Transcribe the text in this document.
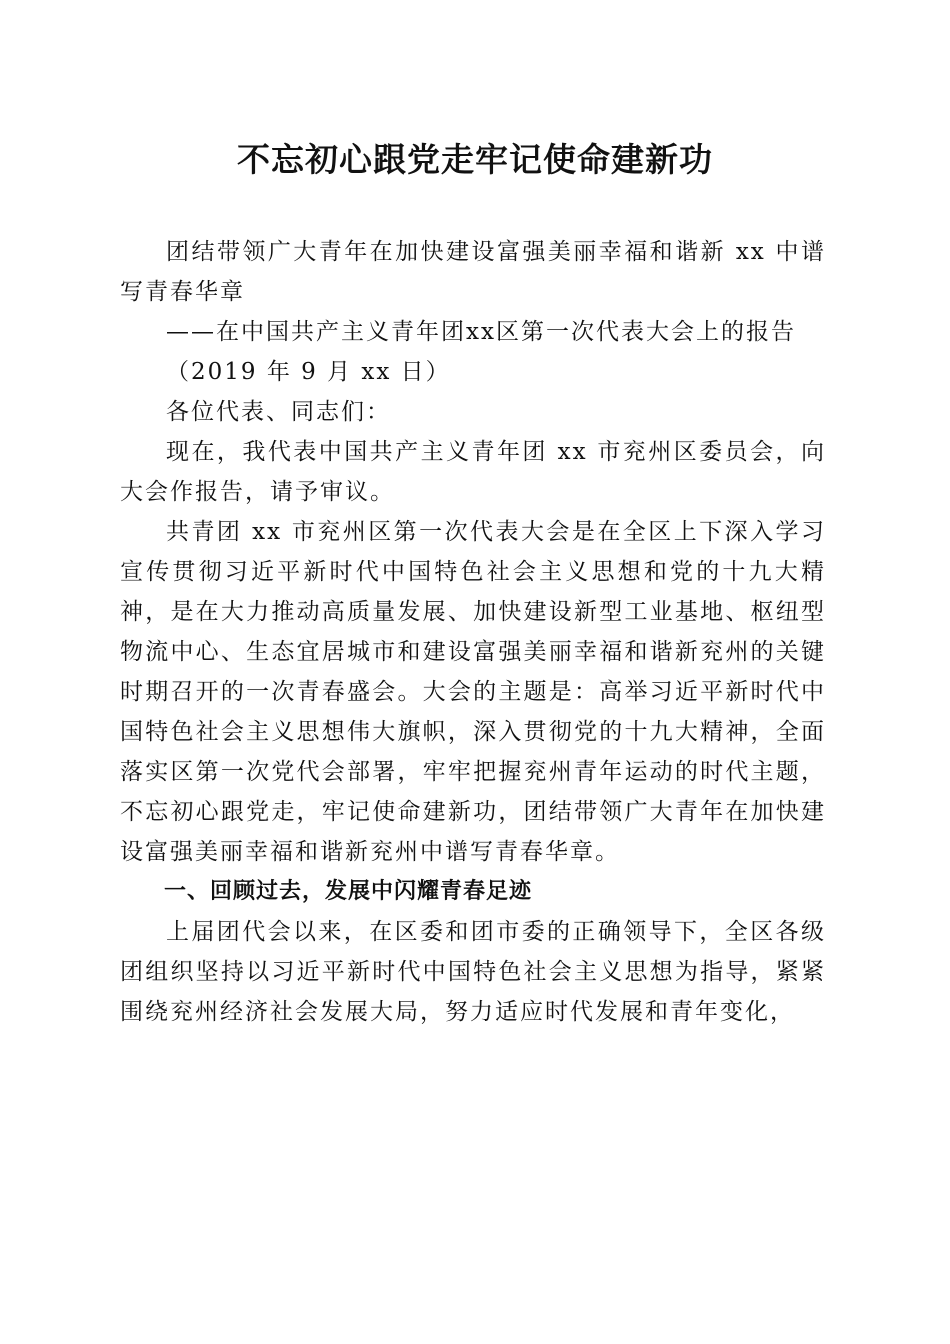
不忘初心跟党走牢记使命建新功

团结带领广大青年在加快建设富强美丽幸福和谐新 xx 中谱写青春华章

——在中国共产主义青年团xx区第一次代表大会上的报告

（2019 年 9 月 xx 日）

各位代表、同志们：

现在，我代表中国共产主义青年团 xx 市兖州区委员会，向大会作报告，请予审议。

共青团 xx 市兖州区第一次代表大会是在全区上下深入学习宣传贯彻习近平新时代中国特色社会主义思想和党的十九大精神，是在大力推动高质量发展、加快建设新型工业基地、枢纽型物流中心、生态宜居城市和建设富强美丽幸福和谐新兖州的关键时期召开的一次青春盛会。大会的主题是：高举习近平新时代中国特色社会主义思想伟大旗帜，深入贯彻党的十九大精神，全面落实区第一次党代会部署，牢牢把握兖州青年运动的时代主题，不忘初心跟党走，牢记使命建新功，团结带领广大青年在加快建设富强美丽幸福和谐新兖州中谱写青春华章。

一、回顾过去，发展中闪耀青春足迹

上届团代会以来，在区委和团市委的正确领导下，全区各级团组织坚持以习近平新时代中国特色社会主义思想为指导，紧紧围绕兖州经济社会发展大局，努力适应时代发展和青年变化，
